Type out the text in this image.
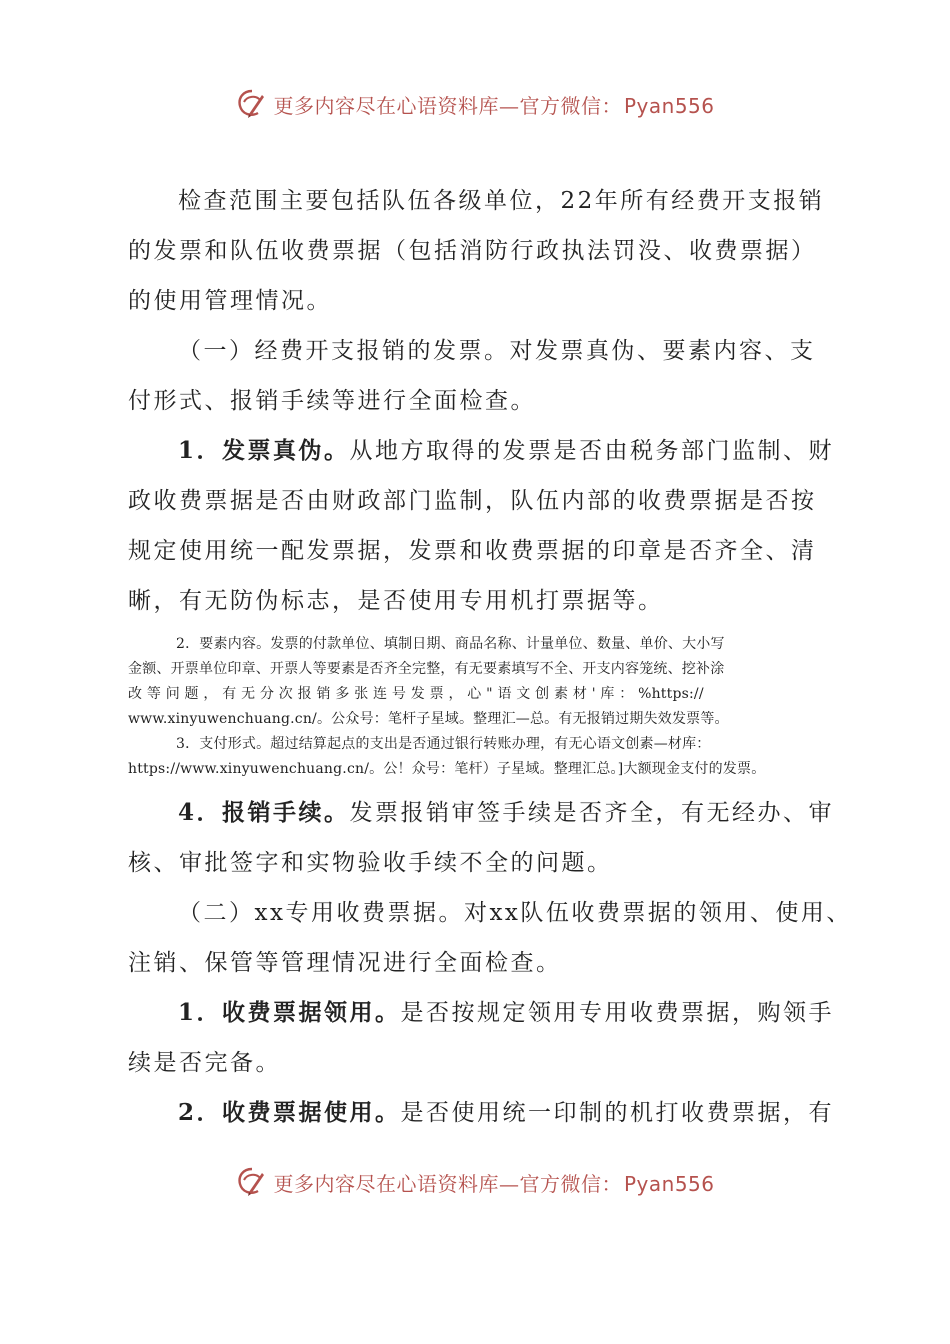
更多内容尽在心语资料库—官方微信： Pyan556

检查范围主要包括队伍各级单位，22年所有经费开支报销

的发票和队伍收费票据（包括消防行政执法罚没、收费票据）

的使用管理情况。

（一）经费开支报销的发票。对发票真伪、要素内容、支

付形式、报销手续等进行全面检查。

1．发票真伪。从地方取得的发票是否由税务部门监制、财

政收费票据是否由财政部门监制，队伍内部的收费票据是否按

规定使用统一配发票据，发票和收费票据的印章是否齐全、清

晰，有无防伪标志，是否使用专用机打票据等。

2．要素内容。发票的付款单位、填制日期、商品名称、计量单位、数量、单价、大小写

金额、开票单位印章、开票人等要素是否齐全完整，有无要素填写不全、开支内容笼统、挖补涂

改 等 问 题 ， 有 无 分 次 报 销 多 张 连 号 发 票 ， 心 " 语 文 创 素 材 ' 库 ： %https://

www.xinyuwenchuang.cn/。公众号：笔杆子星域。整理汇—总。有无报销过期失效发票等。

3．支付形式。超过结算起点的支出是否通过银行转账办理，有无心语文创素—材库：

https://www.xinyuwenchuang.cn/。公！众号：笔杆）子星域。整理汇总。]大额现金支付的发票。

4．报销手续。发票报销审签手续是否齐全，有无经办、审

核、审批签字和实物验收手续不全的问题。

（二）xx专用收费票据。对xx队伍收费票据的领用、使用、

注销、保管等管理情况进行全面检查。

1．收费票据领用。是否按规定领用专用收费票据，购领手

续是否完备。

2．收费票据使用。是否使用统一印制的机打收费票据，有

更多内容尽在心语资料库—官方微信： Pyan556
